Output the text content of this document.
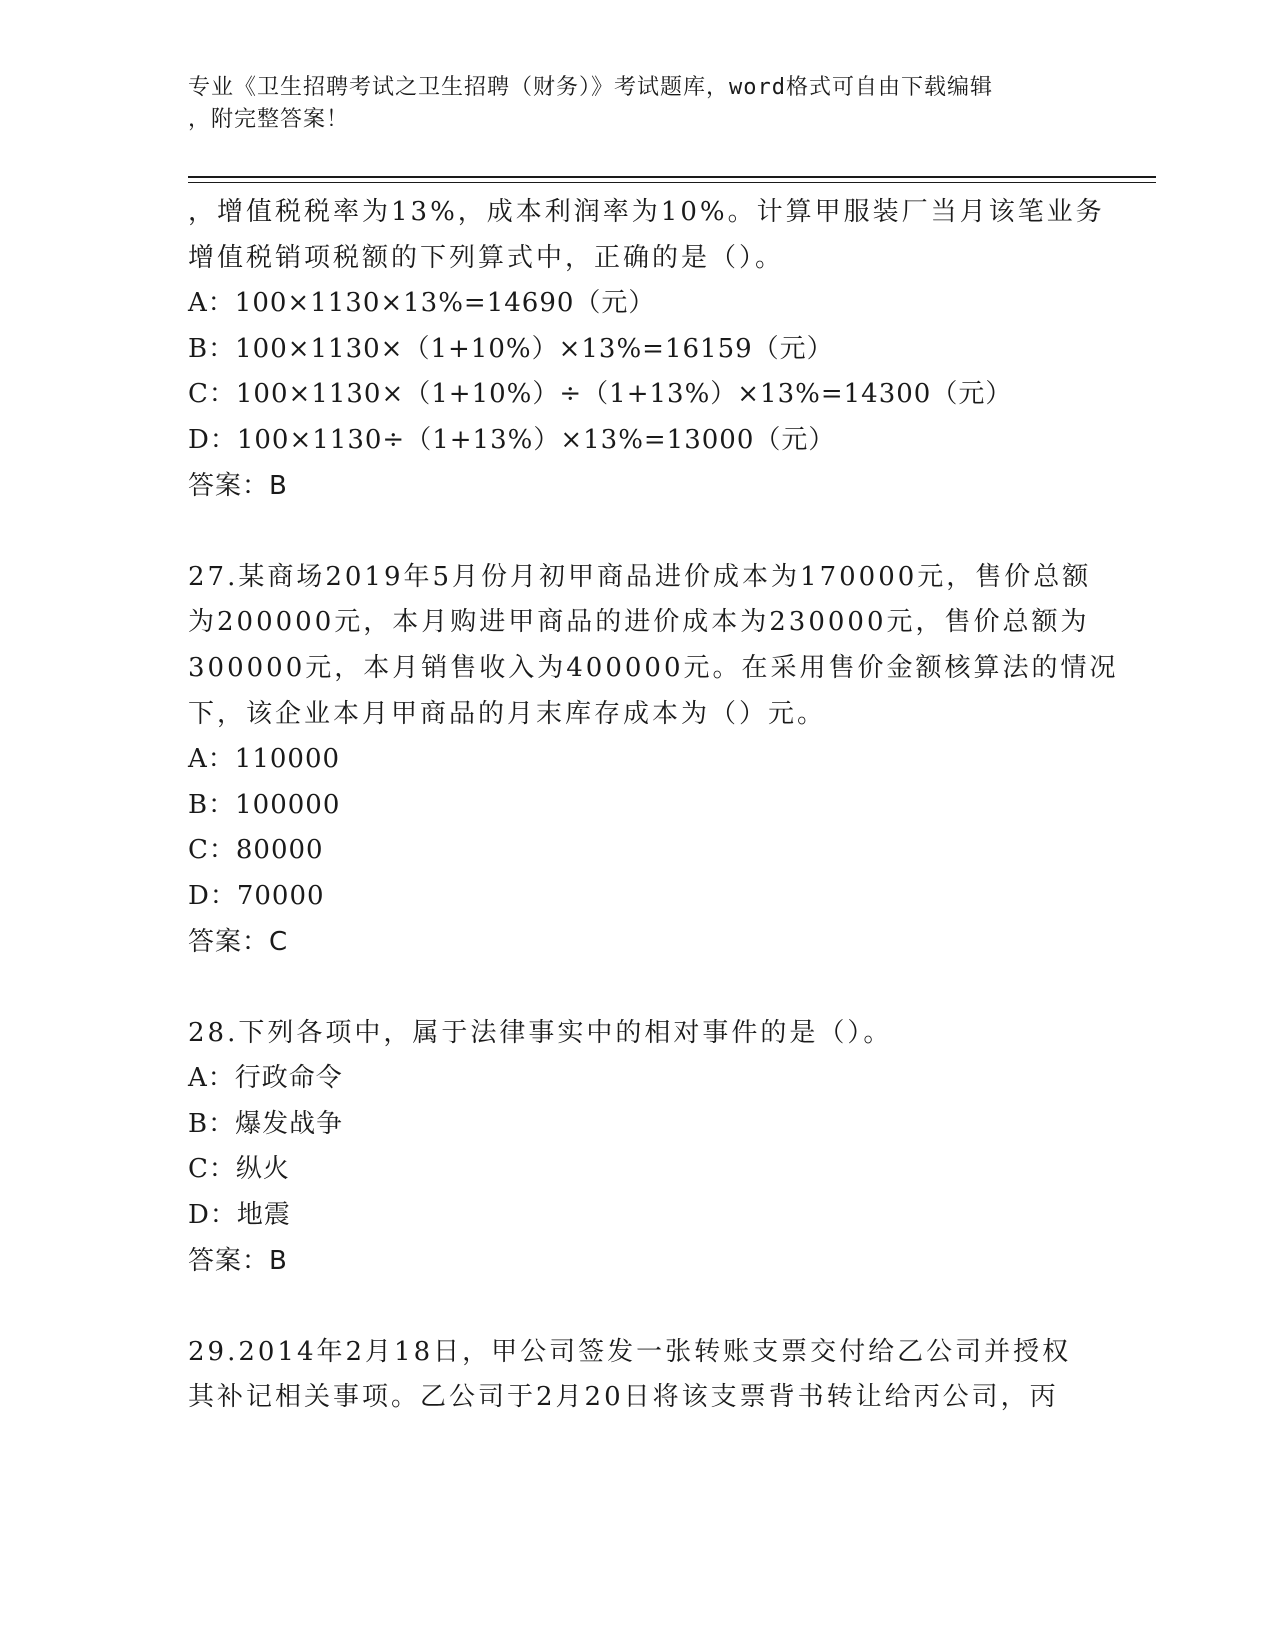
专业《卫生招聘考试之卫生招聘（财务）》考试题库，word格式可自由下载编辑
，附完整答案！
，增值税税率为13%，成本利润率为10%。计算甲服装厂当月该笔业务
增值税销项税额的下列算式中，正确的是（）。
A：100×1130×13%=14690（元）
B：100×1130×（1+10%）×13%=16159（元）
C：100×1130×（1+10%）÷（1+13%）×13%=14300（元）
D：100×1130÷（1+13%）×13%=13000（元）
答案：B
27.某商场2019年5月份月初甲商品进价成本为170000元，售价总额
为200000元，本月购进甲商品的进价成本为230000元，售价总额为
300000元，本月销售收入为400000元。在采用售价金额核算法的情况
下，该企业本月甲商品的月末库存成本为（）元。
A：110000
B：100000
C：80000
D：70000
答案：C
28.下列各项中，属于法律事实中的相对事件的是（）。
A：行政命令
B：爆发战争
C：纵火
D：地震
答案：B
29.2014年2月18日，甲公司签发一张转账支票交付给乙公司并授权
其补记相关事项。乙公司于2月20日将该支票背书转让给丙公司，丙
